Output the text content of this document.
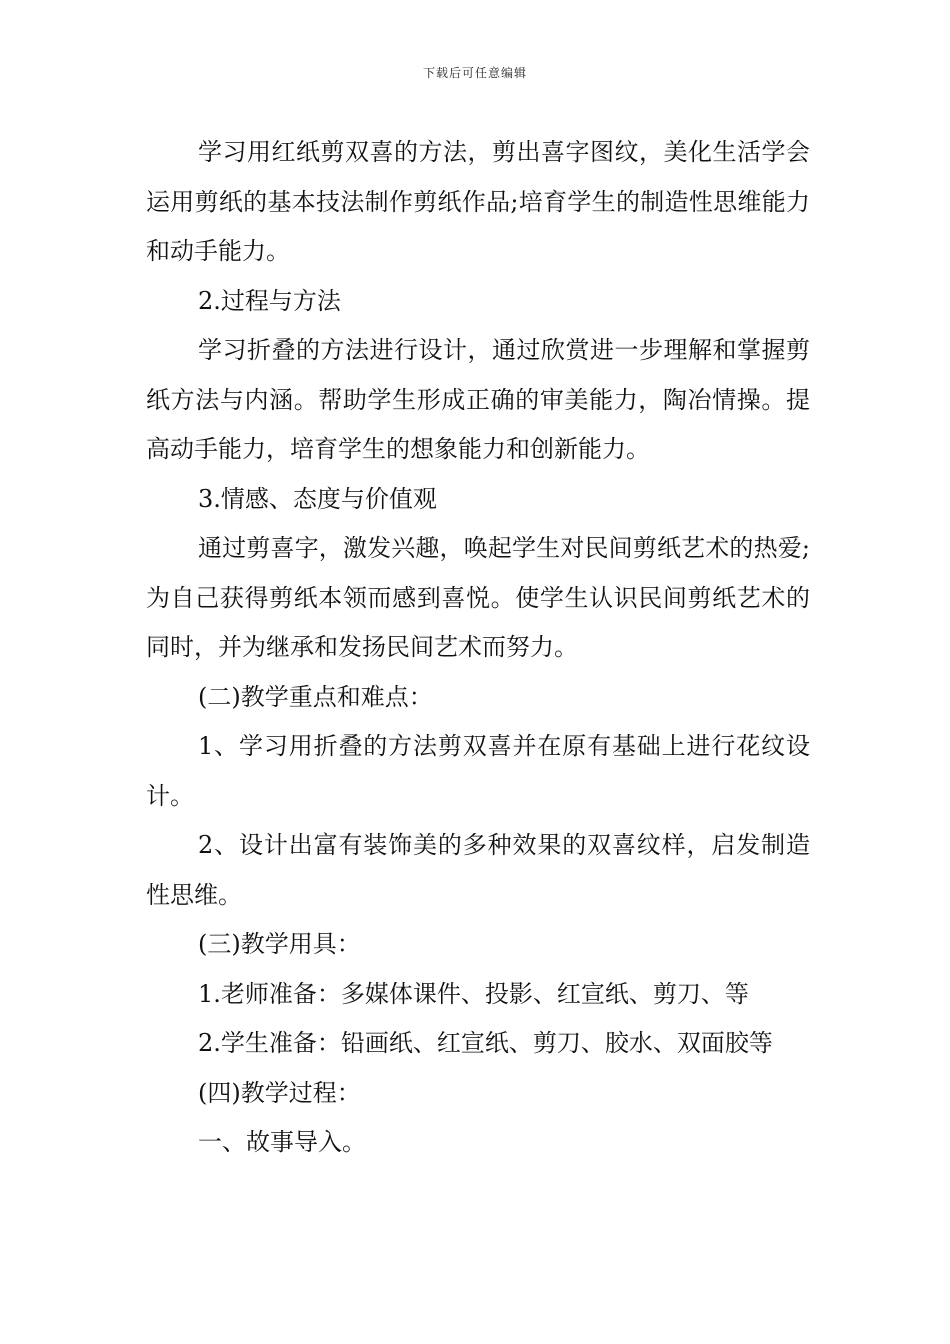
下载后可任意编辑

学习用红纸剪双喜的方法，剪出喜字图纹，美化生活学会运用剪纸的基本技法制作剪纸作品;培育学生的制造性思维能力和动手能力。

2.过程与方法

学习折叠的方法进行设计，通过欣赏进一步理解和掌握剪纸方法与内涵。帮助学生形成正确的审美能力，陶冶情操。提高动手能力，培育学生的想象能力和创新能力。

3.情感、态度与价值观

通过剪喜字，激发兴趣，唤起学生对民间剪纸艺术的热爱;为自己获得剪纸本领而感到喜悦。使学生认识民间剪纸艺术的同时，并为继承和发扬民间艺术而努力。

(二)教学重点和难点：

1、学习用折叠的方法剪双喜并在原有基础上进行花纹设计。

2、设计出富有装饰美的多种效果的双喜纹样，启发制造性思维。

(三)教学用具：

1.老师准备：多媒体课件、投影、红宣纸、剪刀、等

2.学生准备：铅画纸、红宣纸、剪刀、胶水、双面胶等

(四)教学过程：

一、故事导入。
